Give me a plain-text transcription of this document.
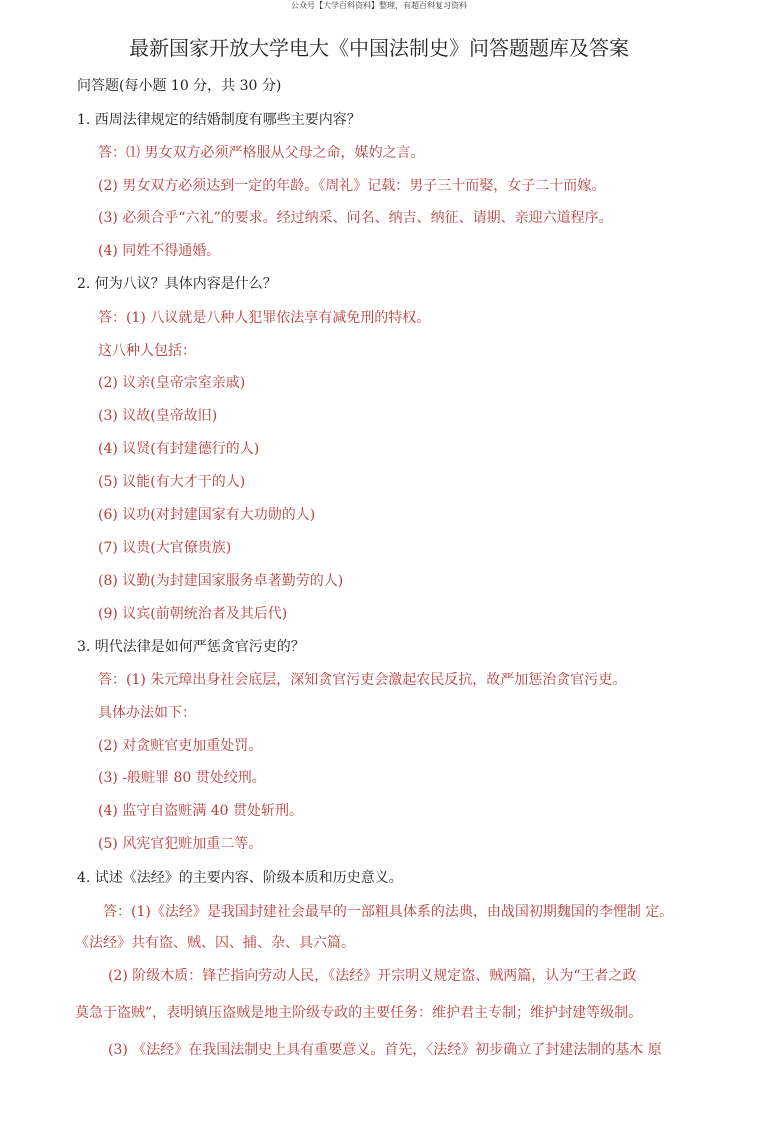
公众号【大学百科资料】整理，有超百科复习资料
最新国家开放大学电大《中国法制史》问答题题库及答案
问答题(每小题 10 分，共 30 分)
1. 西周法律规定的结婚制度有哪些主要内容？
答：⑴ 男女双方必须严格服从父母之命，媒妁之言。
(2) 男女双方必须达到一定的年龄。《周礼》记载：男子三十而娶，女子二十而嫁。
(3) 必须合乎“六礼”的要求。经过纳采、问名、纳吉、纳征、请期、亲迎六道程序。
(4) 同姓不得通婚。
2. 何为八议？具体内容是什么？
答：(1) 八议就是八种人犯罪依法享有减免刑的特权。
这八种人包括：
(2) 议亲(皇帝宗室亲戚)
(3) 议故(皇帝故旧)
(4) 议贤(有封建德行的人)
(5) 议能(有大才干的人)
(6) 议功(对封建国家有大功勋的人)
(7) 议贵(大官僚贵族)
(8) 议勤(为封建国家服务卓著勤劳的人)
(9) 议宾(前朝统治者及其后代)
3. 明代法律是如何严惩贪官污吏的？
答：(1) 朱元璋出身社会底层，深知贪官污吏会激起农民反抗，故严加惩治贪官污吏。
具体办法如下：
(2) 对贪赃官吏加重处罚。
(3) -般赃罪 80 贯处绞刑。
(4) 监守自盗赃满 40 贯处斩刑。
(5) 风宪官犯赃加重二等。
4. 试述《法经》的主要内容、阶级本质和历史意义。
答：(1)《法经》是我国封建社会最早的一部粗具体系的法典，由战国初期魏国的李悝制 定。
《法经》共有盗、贼、囚、捕、杂、具六篇。
(2) 阶级木质：锋芒指向劳动人民，《法经》开宗明义规定盗、贼两篇，认为“王者之政
莫急于盗贼”，表明镇压盗贼是地主阶级专政的主要任务：维护君主专制；维护封建等级制。
(3) 《法经》在我国法制史上具有重要意义。首先，〈法经》初步确立了封建法制的基木 原
